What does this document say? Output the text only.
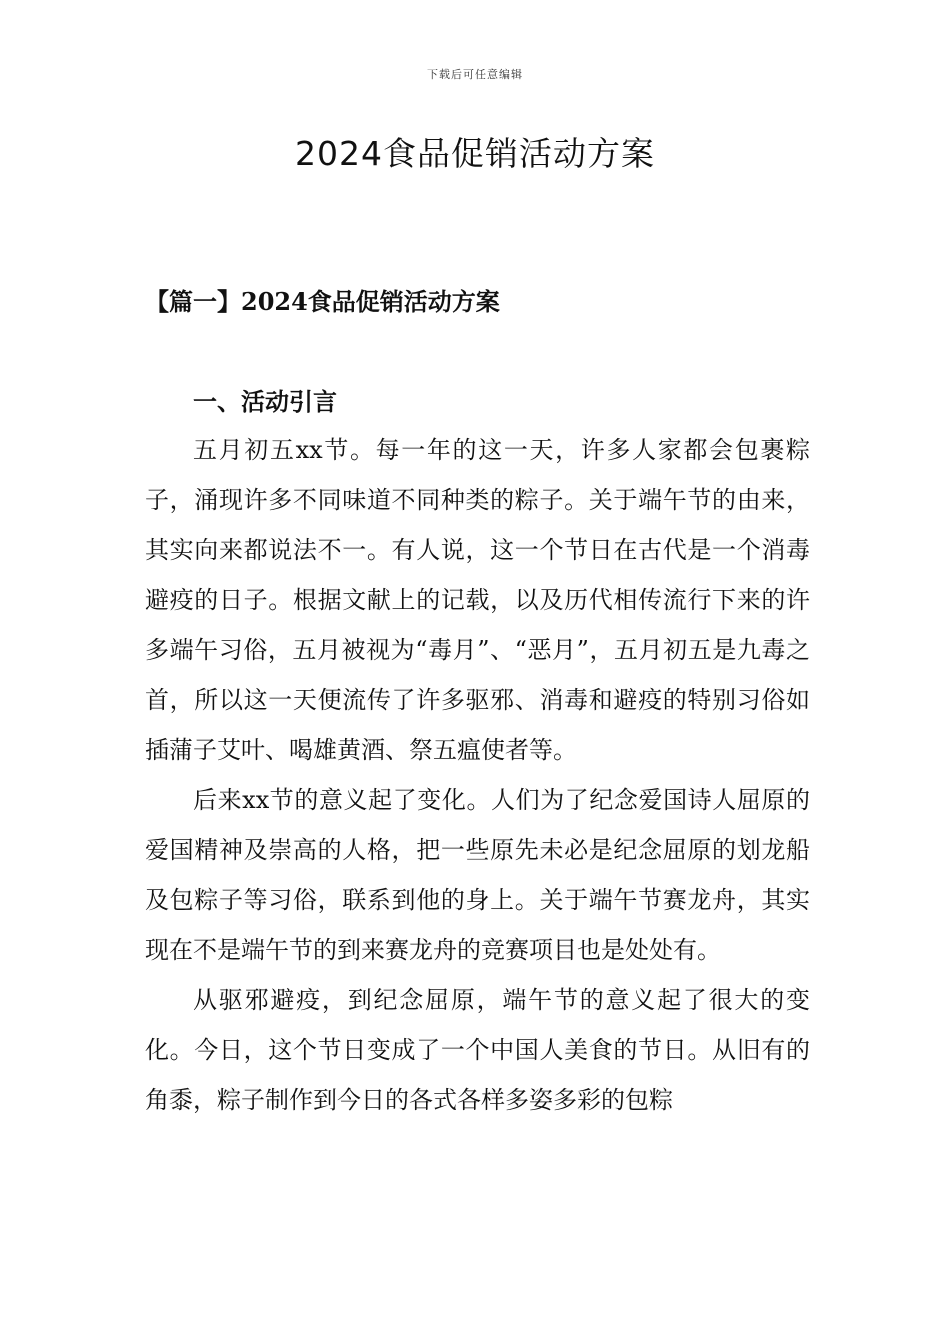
下载后可任意编辑
2024食品促销活动方案
【篇一】2024食品促销活动方案
一、活动引言

五月初五xx节。每一年的这一天，许多人家都会包裹粽子，涌现许多不同味道不同种类的粽子。关于端午节的由来，其实向来都说法不一。有人说，这一个节日在古代是一个消毒避疫的日子。根据文献上的记载，以及历代相传流行下来的许多端午习俗，五月被视为“毒月”、“恶月”，五月初五是九毒之首，所以这一天便流传了许多驱邪、消毒和避疫的特别习俗如插蒲子艾叶、喝雄黄酒、祭五瘟使者等。

后来xx节的意义起了变化。人们为了纪念爱国诗人屈原的爱国精神及崇高的人格，把一些原先未必是纪念屈原的划龙船及包粽子等习俗，联系到他的身上。关于端午节赛龙舟，其实现在不是端午节的到来赛龙舟的竞赛项目也是处处有。

从驱邪避疫，到纪念屈原，端午节的意义起了很大的变化。今日，这个节日变成了一个中国人美食的节日。从旧有的角黍，粽子制作到今日的各式各样多姿多彩的包粽
